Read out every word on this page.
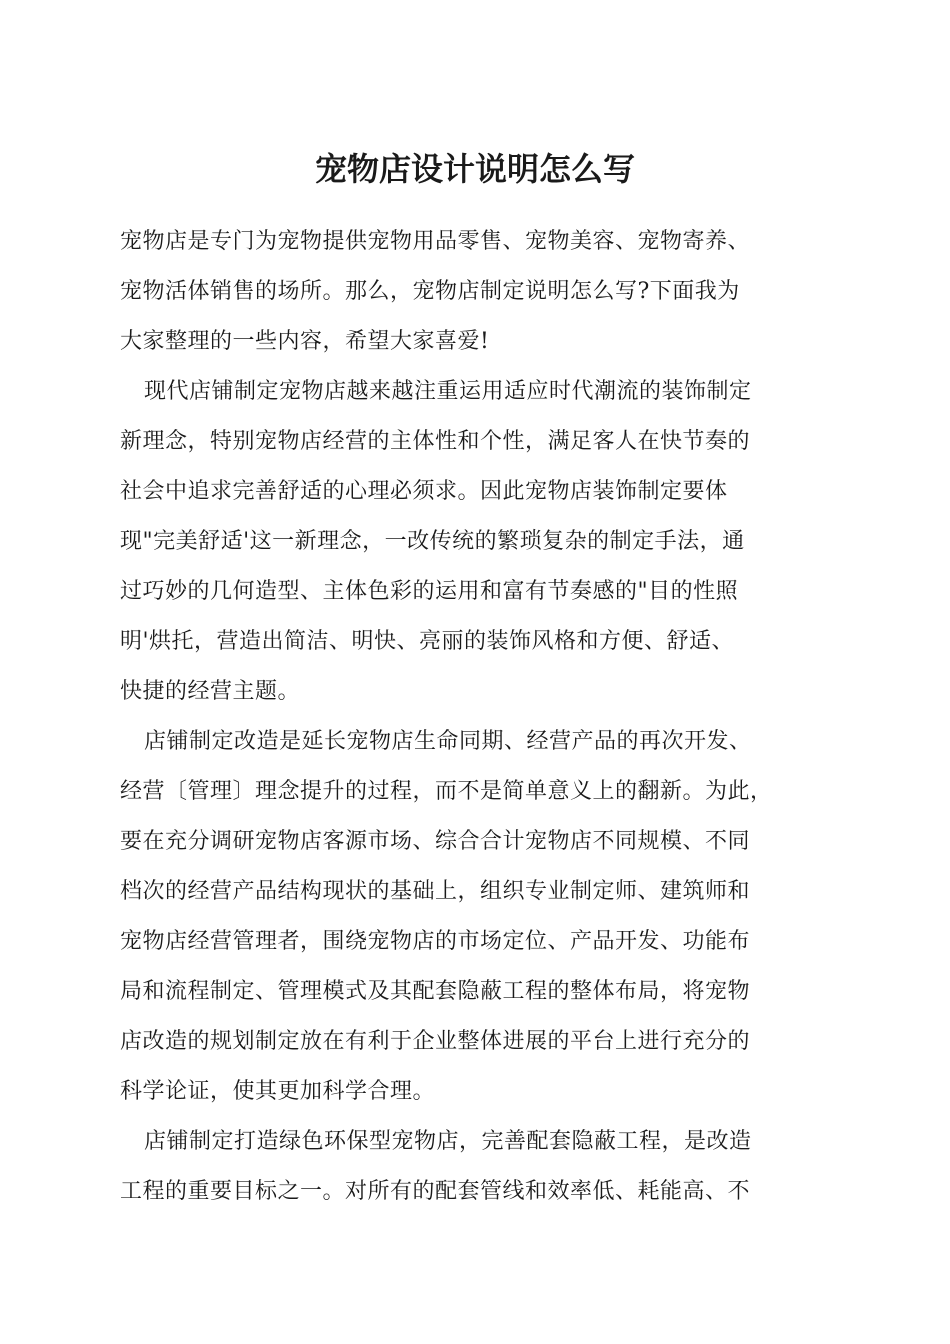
宠物店设计说明怎么写
宠物店是专门为宠物提供宠物用品零售、宠物美容、宠物寄养、
宠物活体销售的场所。那么，宠物店制定说明怎么写?下面我为
大家整理的一些内容，希望大家喜爱!
现代店铺制定宠物店越来越注重运用适应时代潮流的装饰制定
新理念，特别宠物店经营的主体性和个性，满足客人在快节奏的
社会中追求完善舒适的心理必须求。因此宠物店装饰制定要体
现"完美舒适'这一新理念，一改传统的繁琐复杂的制定手法，通
过巧妙的几何造型、主体色彩的运用和富有节奏感的"目的性照
明'烘托，营造出简洁、明快、亮丽的装饰风格和方便、舒适、
快捷的经营主题。
店铺制定改造是延长宠物店生命同期、经营产品的再次开发、
经营〔管理〕理念提升的过程，而不是简单意义上的翻新。为此，
要在充分调研宠物店客源市场、综合合计宠物店不同规模、不同
档次的经营产品结构现状的基础上，组织专业制定师、建筑师和
宠物店经营管理者，围绕宠物店的市场定位、产品开发、功能布
局和流程制定、管理模式及其配套隐蔽工程的整体布局，将宠物
店改造的规划制定放在有利于企业整体进展的平台上进行充分的
科学论证，使其更加科学合理。
店铺制定打造绿色环保型宠物店，完善配套隐蔽工程，是改造
工程的重要目标之一。对所有的配套管线和效率低、耗能高、不
